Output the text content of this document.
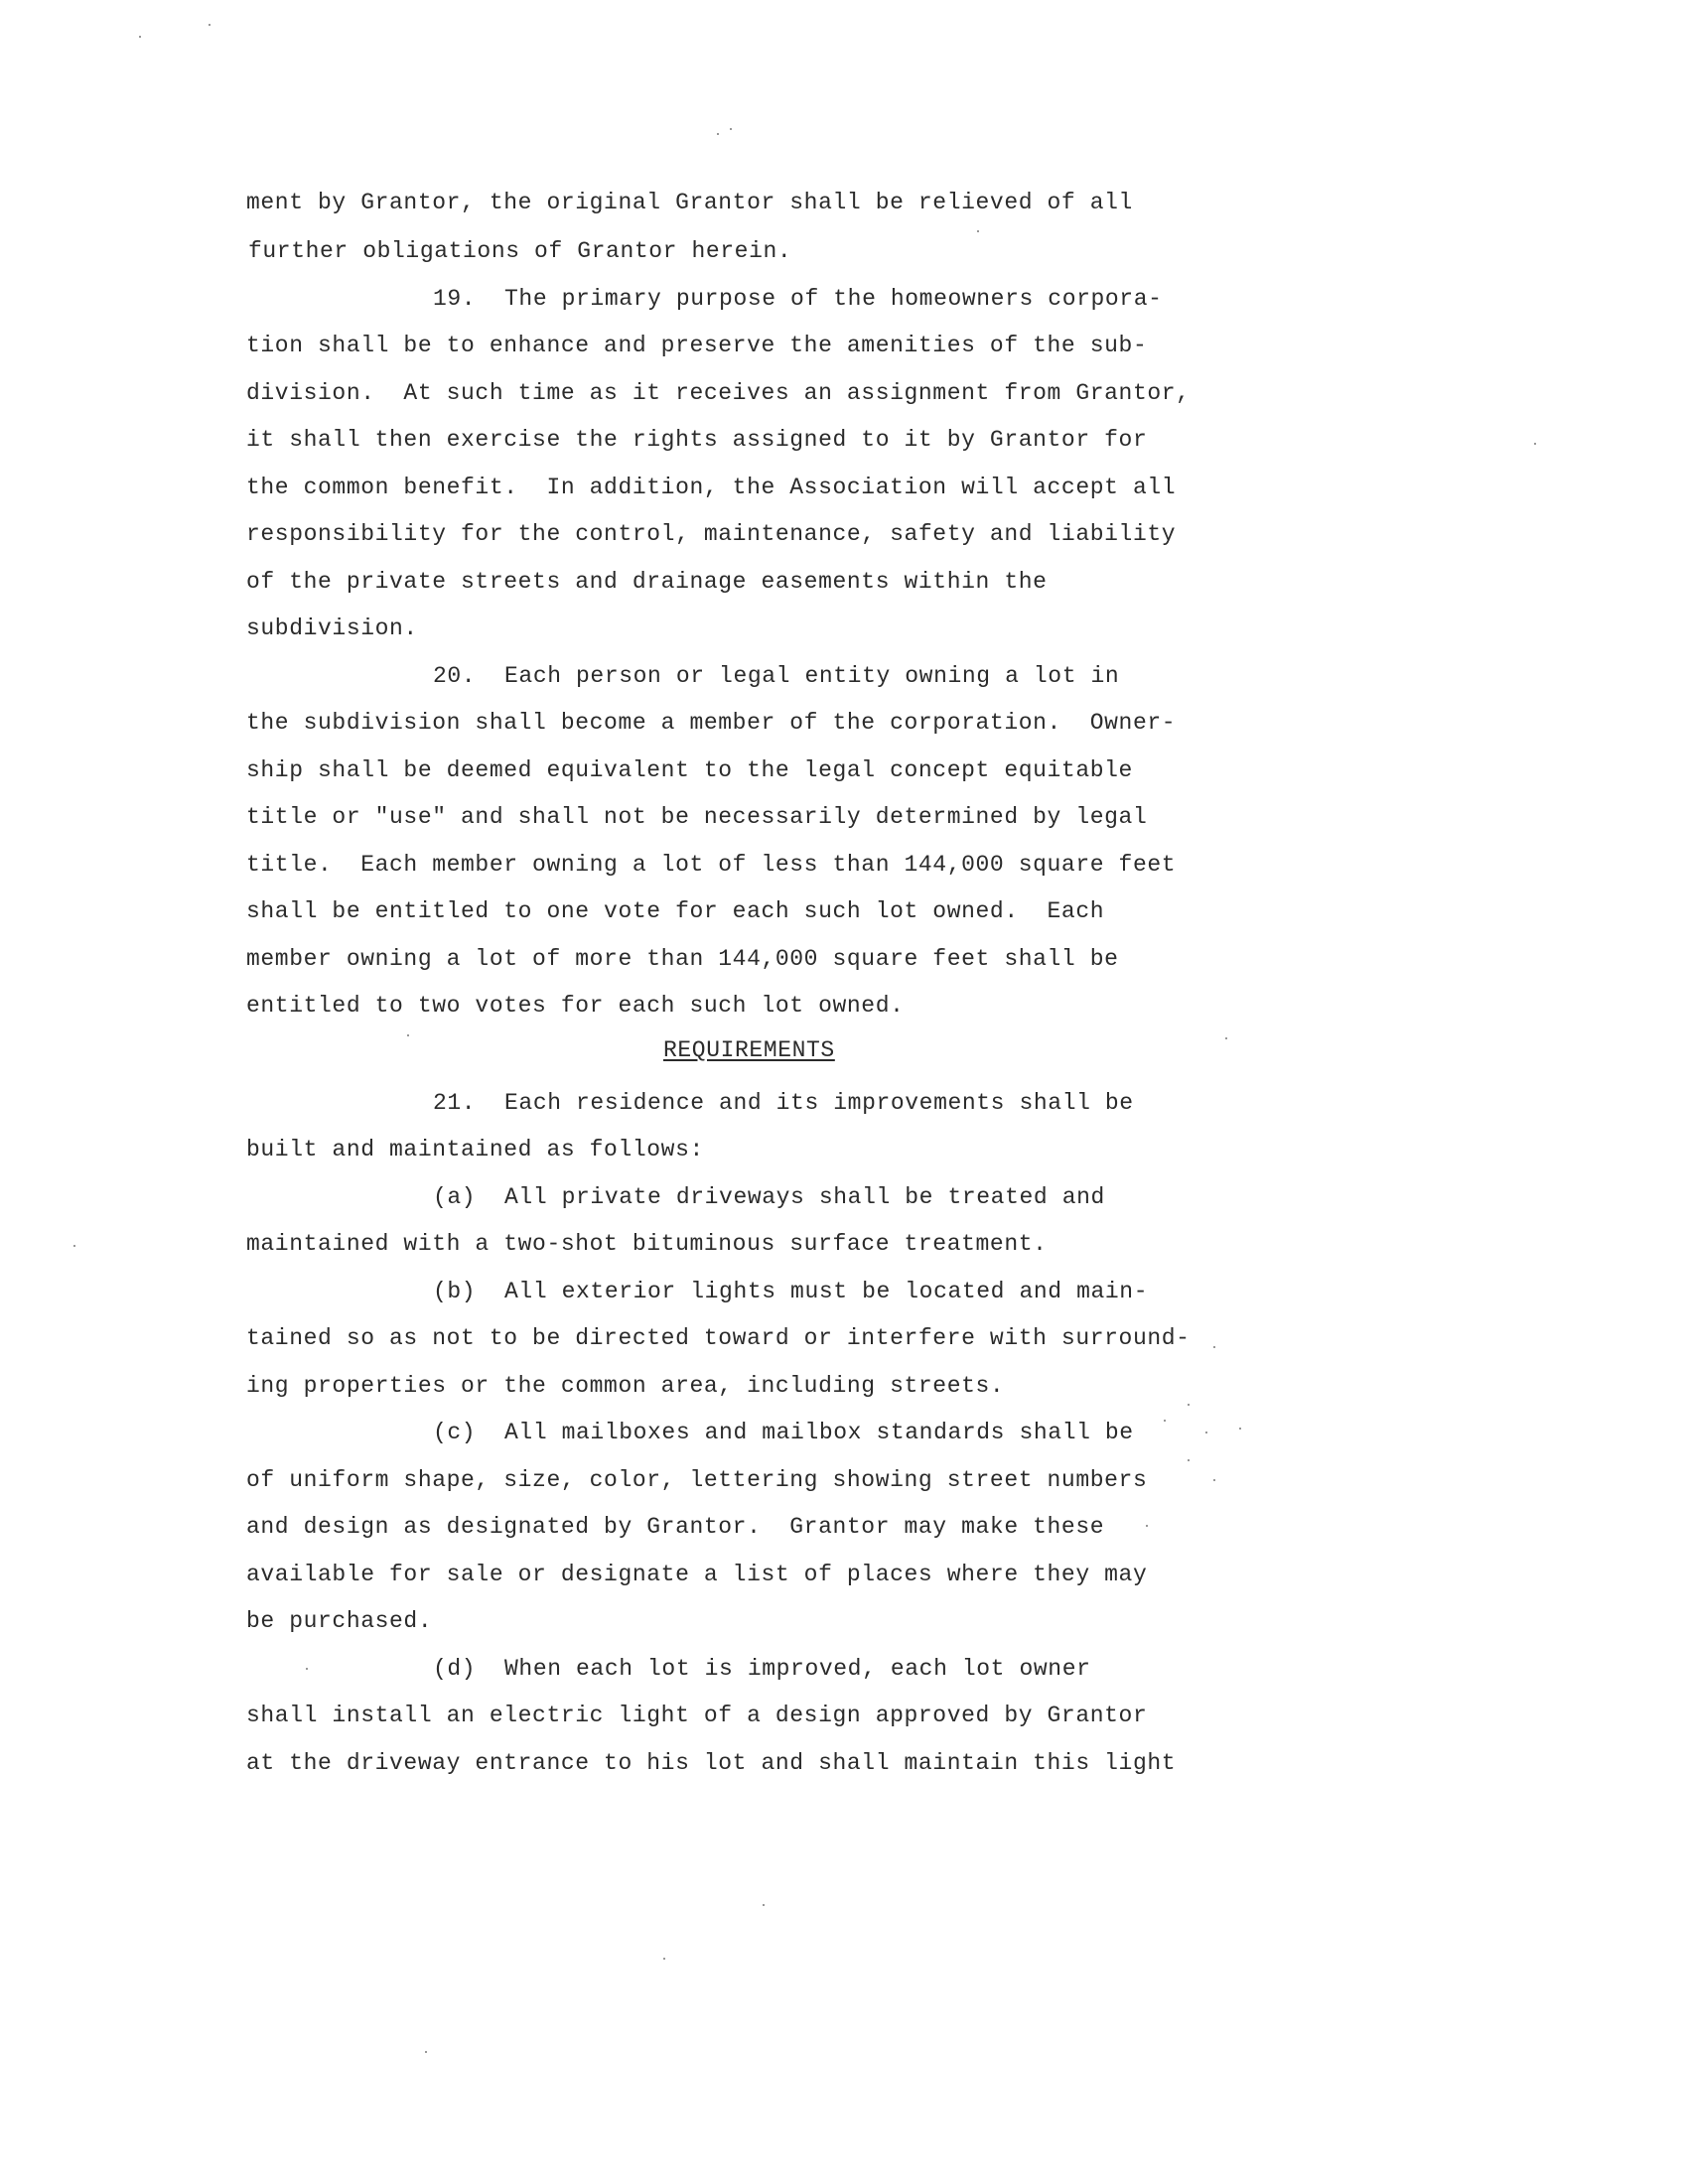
ment by Grantor, the original Grantor shall be relieved of all
further obligations of Grantor herein.
19.  The primary purpose of the homeowners corpora-
tion shall be to enhance and preserve the amenities of the sub-
division.  At such time as it receives an assignment from Grantor,
it shall then exercise the rights assigned to it by Grantor for
the common benefit.  In addition, the Association will accept all
responsibility for the control, maintenance, safety and liability
of the private streets and drainage easements within the
subdivision.
20.  Each person or legal entity owning a lot in
the subdivision shall become a member of the corporation.  Owner-
ship shall be deemed equivalent to the legal concept equitable
title or "use" and shall not be necessarily determined by legal
title.  Each member owning a lot of less than 144,000 square feet
shall be entitled to one vote for each such lot owned.  Each
member owning a lot of more than 144,000 square feet shall be
entitled to two votes for each such lot owned.
REQUIREMENTS
21.  Each residence and its improvements shall be
built and maintained as follows:
(a)  All private driveways shall be treated and
maintained with a two-shot bituminous surface treatment.
(b)  All exterior lights must be located and main-
tained so as not to be directed toward or interfere with surround-
ing properties or the common area, including streets.
(c)  All mailboxes and mailbox standards shall be
of uniform shape, size, color, lettering showing street numbers
and design as designated by Grantor.  Grantor may make these
available for sale or designate a list of places where they may
be purchased.
(d)  When each lot is improved, each lot owner
shall install an electric light of a design approved by Grantor
at the driveway entrance to his lot and shall maintain this light
